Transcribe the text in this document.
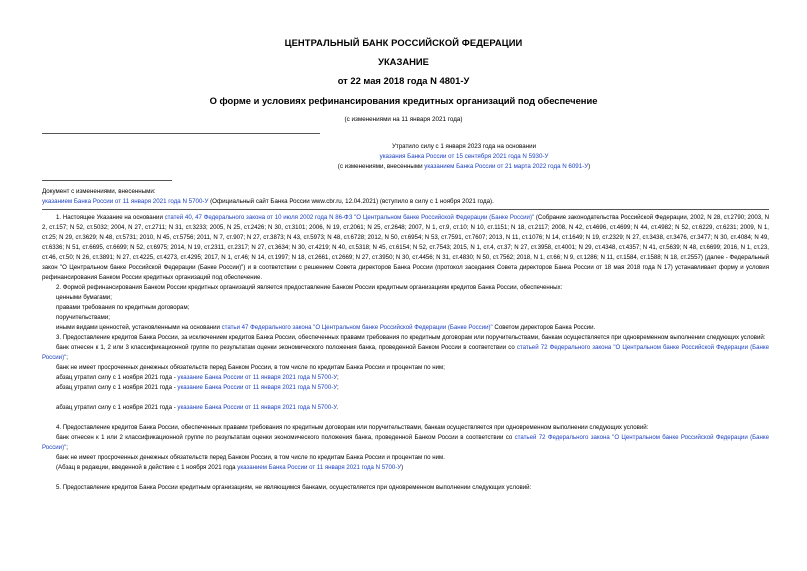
ЦЕНТРАЛЬНЫЙ БАНК РОССИЙСКОЙ ФЕДЕРАЦИИ
УКАЗАНИЕ
от 22 мая 2018 года N 4801-У
О форме и условиях рефинансирования кредитных организаций под обеспечение
(с изменениями на 11 января 2021 года)
Утратило силу с 1 января 2023 года на основании
указания Банка России от 15 сентября 2021 года N 5930-У
(с изменениями, внесенными указанием Банка России от 21 марта 2022 года N 6091-У)
Документ с изменениями, внесенными:
указанием Банка России от 11 января 2021 года N 5700-У (Официальный сайт Банка России www.cbr.ru, 12.04.2021) (вступило в силу с 1 ноября 2021 года).

1. Настоящее Указание на основании статей 40, 47 Федерального закона от 10 июля 2002 года N 86-ФЗ "О Центральном банке Российской Федерации (Банке России)" (Собрание законодательства Российской Федерации, 2002, N 28, ст.2790; 2003, N 2, ст.157; N 52, ст.5032; 2004, N 27, ст.2711; N 31, ст.3233; 2005, N 25, ст.2426; N 30, ст.3101; 2006, N 19, ст.2061; N 25, ст.2648; 2007, N 1, ст.9, ст.10; N 10, ст.1151; N 18, ст.2117; 2008, N 42, ст.4696, ст.4699; N 44, ст.4982; N 52, ст.6229, ст.6231; 2009, N 1, ст.25; N 29, ст.3629; N 48, ст.5731; 2010, N 45, ст.5756; 2011, N 7, ст.907; N 27, ст.3873; N 43, ст.5973; N 48, ст.6728; 2012, N 50, ст.6954; N 53, ст.7591, ст.7607; 2013, N 11, ст.1076; N 14, ст.1649; N 19, ст.2329; N 27, ст.3438, ст.3476, ст.3477; N 30, ст.4084; N 49, ст.6336; N 51, ст.6695, ст.6699; N 52, ст.6975; 2014, N 19, ст.2311, ст.2317; N 27, ст.3634; N 30, ст.4219; N 40, ст.5318; N 45, ст.6154; N 52, ст.7543; 2015, N 1, ст.4, ст.37; N 27, ст.3958, ст.4001; N 29, ст.4348, ст.4357; N 41, ст.5639; N 48, ст.6699; 2016, N 1, ст.23, ст.46, ст.50; N 26, ст.3891; N 27, ст.4225, ст.4273, ст.4295; 2017, N 1, ст.46; N 14, ст.1997; N 18, ст.2661, ст.2669; N 27, ст.3950; N 30, ст.4456; N 31, ст.4830; N 50, ст.7562; 2018, N 1, ст.66; N 9, ст.1286; N 11, ст.1584, ст.1588; N 18, ст.2557) (далее - Федеральный закон "О Центральном банке Российской Федерации (Банке России)") и в соответствии с решением Совета директоров Банка России (протокол заседания Совета директоров Банка России от 18 мая 2018 года N 17) устанавливает форму и условия рефинансирования Банком России кредитных организаций под обеспечение.

2. Формой рефинансирования Банком России кредитных организаций является предоставление Банком России кредитным организациям кредитов Банка России, обеспеченных:

ценными бумагами;

правами требования по кредитным договорам;

поручительствами;

иными видами ценностей, установленными на основании статьи 47 Федерального закона "О Центральном банке Российской Федерации (Банке России)" Советом директоров Банка России.

3. Предоставление кредитов Банка России, за исключением кредитов Банка России, обеспеченных правами требования по кредитным договорам или поручительствами, банкам осуществляется при одновременном выполнении следующих условий:

банк отнесен к 1, 2 или 3 классификационной группе по результатам оценки экономического положения банка, проведенной Банком России в соответствии со статьей 72 Федерального закона "О Центральном банке Российской Федерации (Банке России)";

банк не имеет просроченных денежных обязательств перед Банком России, в том числе по кредитам Банка России и процентам по ним;

абзац утратил силу с 1 ноября 2021 года - указание Банка России от 11 января 2021 года N 5700-У;

абзац утратил силу с 1 ноября 2021 года - указание Банка России от 11 января 2021 года N 5700-У;

абзац утратил силу с 1 ноября 2021 года - указание Банка России от 11 января 2021 года N 5700-У.

4. Предоставление кредитов Банка России, обеспеченных правами требования по кредитным договорам или поручительствами, банкам осуществляется при одновременном выполнении следующих условий:

банк отнесен к 1 или 2 классификационной группе по результатам оценки экономического положения банка, проведенной Банком России в соответствии со статьей 72 Федерального закона "О Центральном банке Российской Федерации (Банке России)";

банк не имеет просроченных денежных обязательств перед Банком России, в том числе по кредитам Банка России и процентам по ним.

(Абзац в редакции, введенной в действие с 1 ноября 2021 года указанием Банка России от 11 января 2021 года N 5700-У)

5. Предоставление кредитов Банка России кредитным организациям, не являющимся банками, осуществляется при одновременном выполнении следующих условий:
